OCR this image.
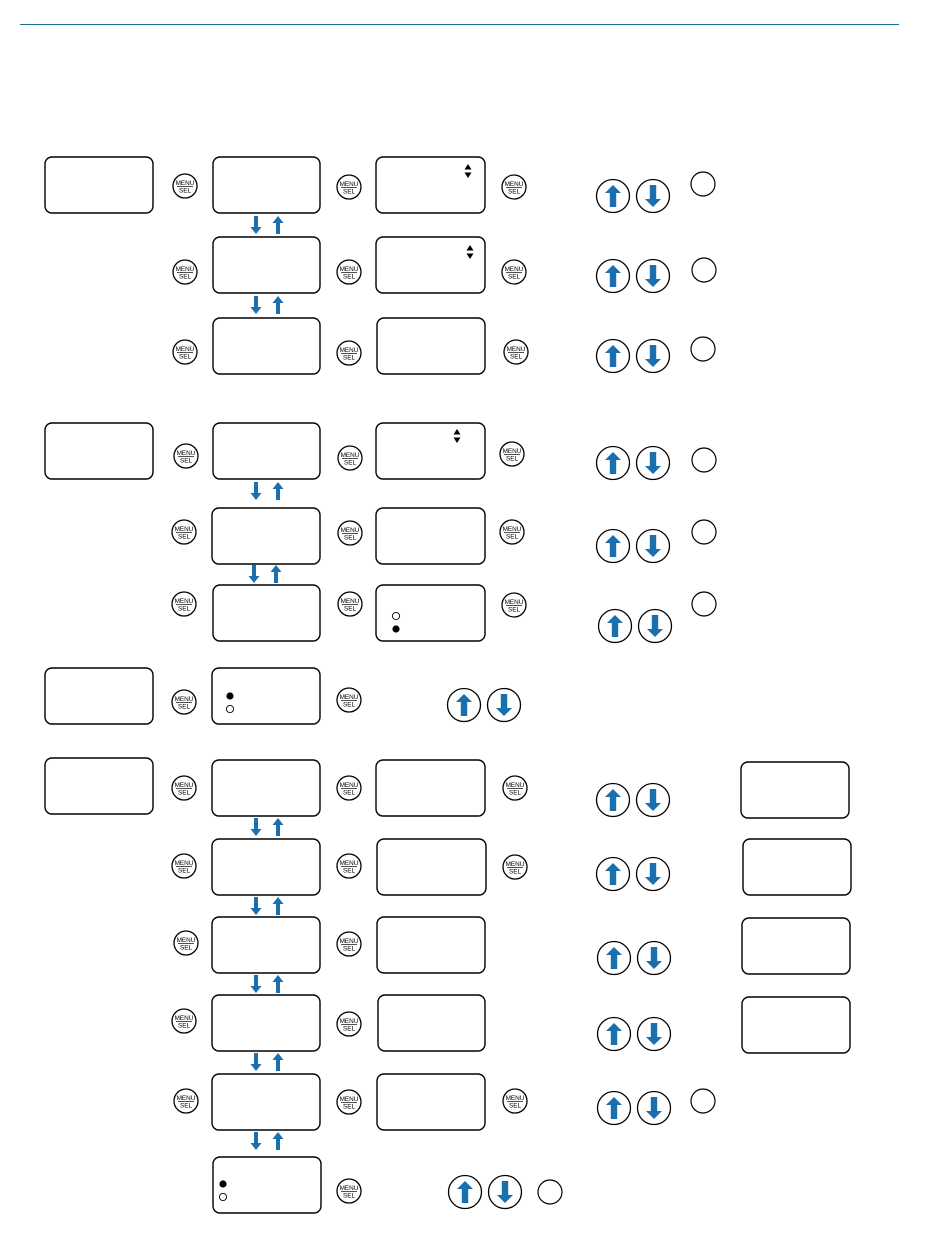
MENU
SEL
MENU
SEL
MENU
SEL
MENU
SEL
MENU
SEL
MENU
SEL
MENU
SEL
MENU
SEL
MENU
SEL
MENU
SEL
MENU
SEL
MENU
SEL
MENU
SEL
MENU
SEL
MENU
SEL
MENU
SEL
MENU
SEL
MENU
SEL
MENU
SEL
MENU
SEL
MENU
SEL
MENU
SEL
MENU
SEL
MENU
SEL
MENU
SEL
MENU
SEL
MENU
SEL
MENU
SEL
MENU
SEL
MENU
SEL
MENU
SEL
MENU
SEL
MENU
SEL
MENU
SEL
